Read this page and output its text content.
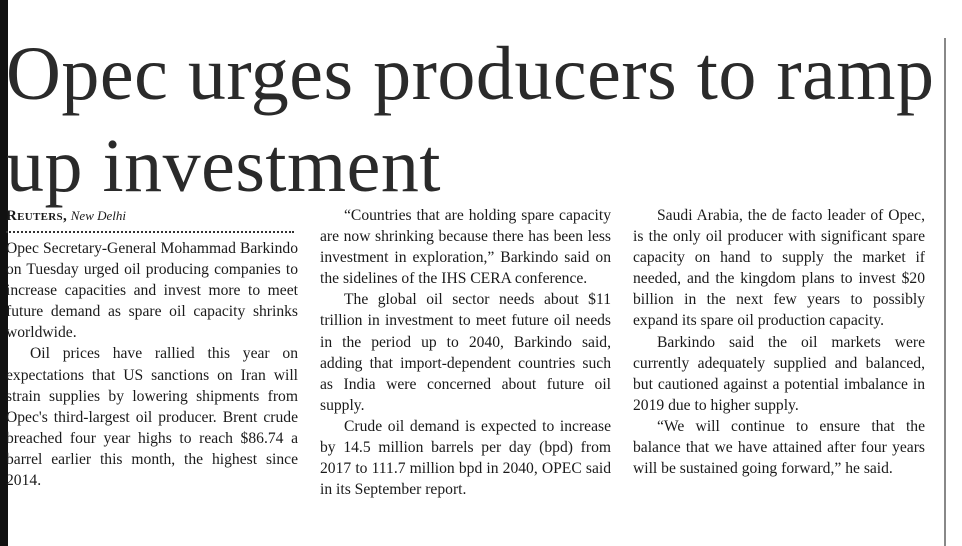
Opec urges producers to ramp up investment
Reuters, New Delhi

Opec Secretary-General Mohammad Barkindo on Tuesday urged oil producing companies to increase capacities and invest more to meet future demand as spare oil capacity shrinks worldwide.

Oil prices have rallied this year on expectations that US sanctions on Iran will strain supplies by lowering shipments from Opec's third-largest oil producer. Brent crude breached four year highs to reach $86.74 a barrel earlier this month, the highest since 2014.

“Countries that are holding spare capacity are now shrinking because there has been less investment in exploration,” Barkindo said on the sidelines of the IHS CERA conference.

The global oil sector needs about $11 trillion in investment to meet future oil needs in the period up to 2040, Barkindo said, adding that import-dependent countries such as India were concerned about future oil supply.

Crude oil demand is expected to increase by 14.5 million barrels per day (bpd) from 2017 to 111.7 million bpd in 2040, OPEC said in its September report.

Saudi Arabia, the de facto leader of Opec, is the only oil producer with significant spare capacity on hand to supply the market if needed, and the kingdom plans to invest $20 billion in the next few years to possibly expand its spare oil production capacity.

Barkindo said the oil markets were currently adequately supplied and balanced, but cautioned against a potential imbalance in 2019 due to higher supply.

“We will continue to ensure that the balance that we have attained after four years will be sustained going forward,” he said.
